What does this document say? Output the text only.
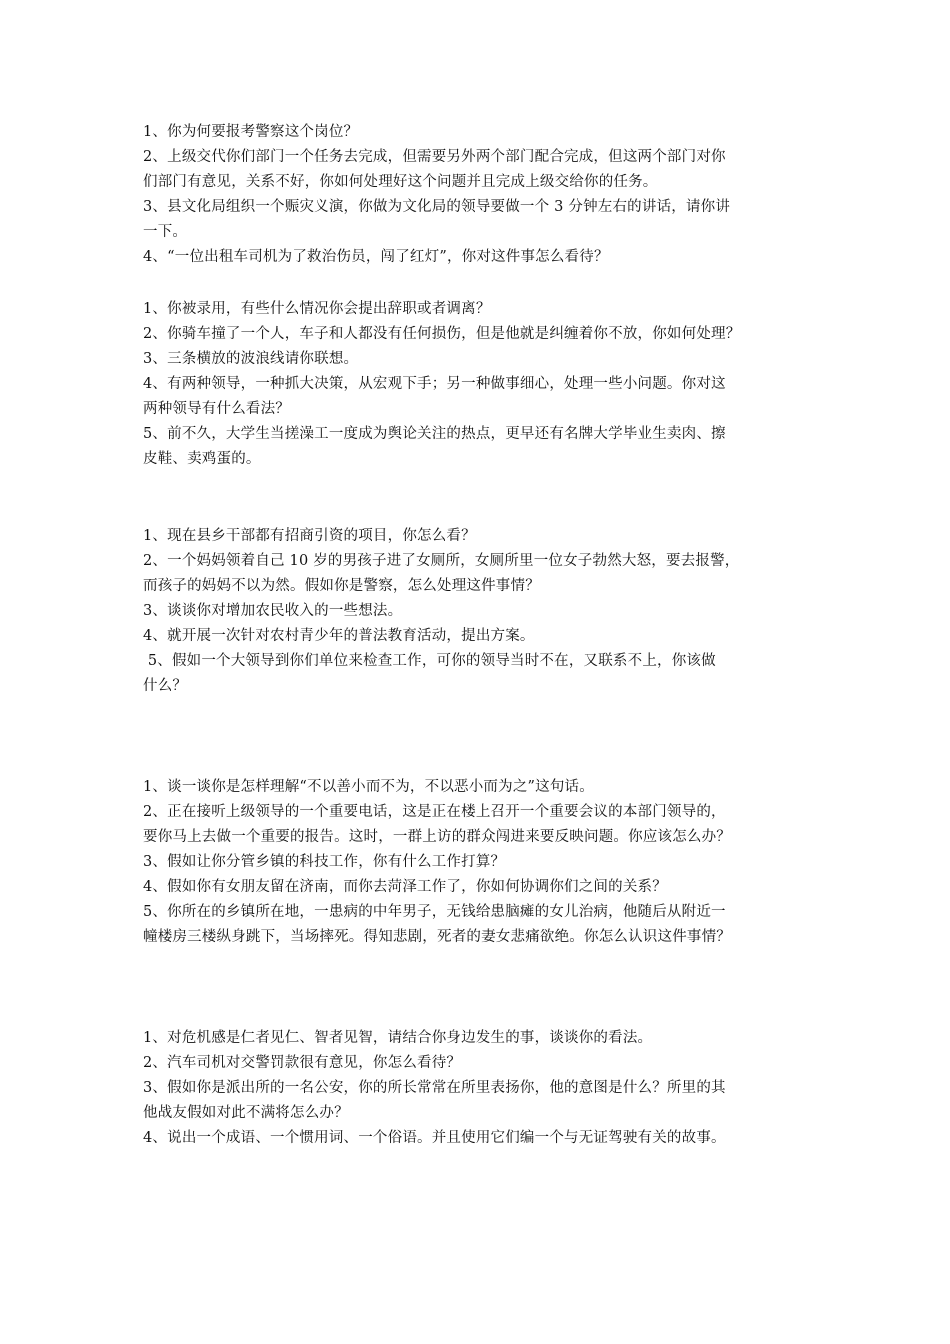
1、你为何要报考警察这个岗位？
2、上级交代你们部门一个任务去完成，但需要另外两个部门配合完成，但这两个部门对你
们部门有意见，关系不好，你如何处理好这个问题并且完成上级交给你的任务。
3、县文化局组织一个赈灾义演，你做为文化局的领导要做一个 3 分钟左右的讲话，请你讲
一下。
4、“一位出租车司机为了救治伤员，闯了红灯”，你对这件事怎么看待？
1、你被录用，有些什么情况你会提出辞职或者调离？
2、你骑车撞了一个人，车子和人都没有任何损伤，但是他就是纠缠着你不放，你如何处理？
3、三条横放的波浪线请你联想。
4、有两种领导，一种抓大决策，从宏观下手；另一种做事细心，处理一些小问题。你对这
两种领导有什么看法？
5、前不久，大学生当搓澡工一度成为舆论关注的热点，更早还有名牌大学毕业生卖肉、擦
皮鞋、卖鸡蛋的。
1、现在县乡干部都有招商引资的项目，你怎么看？
2、一个妈妈领着自己 10 岁的男孩子进了女厕所，女厕所里一位女子勃然大怒，要去报警，
而孩子的妈妈不以为然。假如你是警察，怎么处理这件事情？
3、谈谈你对增加农民收入的一些想法。
4、就开展一次针对农村青少年的普法教育活动，提出方案。
5、假如一个大领导到你们单位来检查工作，可你的领导当时不在，又联系不上，你该做
什么？
1、谈一谈你是怎样理解“不以善小而不为，不以恶小而为之”这句话。
2、正在接听上级领导的一个重要电话，这是正在楼上召开一个重要会议的本部门领导的，
要你马上去做一个重要的报告。这时，一群上访的群众闯进来要反映问题。你应该怎么办？
3、假如让你分管乡镇的科技工作，你有什么工作打算？
4、假如你有女朋友留在济南，而你去菏泽工作了，你如何协调你们之间的关系？
5、你所在的乡镇所在地，一患病的中年男子，无钱给患脑瘫的女儿治病，他随后从附近一
幢楼房三楼纵身跳下，当场摔死。得知悲剧，死者的妻女悲痛欲绝。你怎么认识这件事情？
1、对危机感是仁者见仁、智者见智，请结合你身边发生的事，谈谈你的看法。
2、汽车司机对交警罚款很有意见，你怎么看待？
3、假如你是派出所的一名公安，你的所长常常在所里表扬你，他的意图是什么？所里的其
他战友假如对此不满将怎么办？
4、说出一个成语、一个惯用词、一个俗语。并且使用它们编一个与无证驾驶有关的故事。
